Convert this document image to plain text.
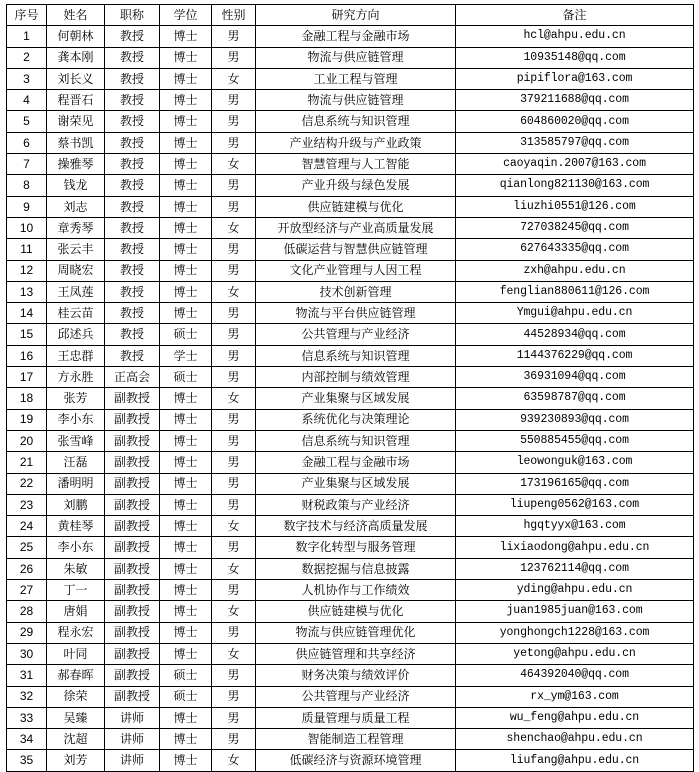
序号	姓名	职称	学位	性别	研究方向	备注
1	何朝林	教授	博士	男	金融工程与金融市场	hcl@ahpu.edu.cn
2	龚本刚	教授	博士	男	物流与供应链管理	10935148@qq.com
3	刘长义	教授	博士	女	工业工程与管理	pipiflora@163.com
4	程晋石	教授	博士	男	物流与供应链管理	379211688@qq.com
5	谢荣见	教授	博士	男	信息系统与知识管理	604860020@qq.com
6	蔡书凯	教授	博士	男	产业结构升级与产业政策	313585797@qq.com
7	操雅琴	教授	博士	女	智慧管理与人工智能	caoyaqin.2007@163.com
8	钱龙	教授	博士	男	产业升级与绿色发展	qianlong821130@163.com
9	刘志	教授	博士	男	供应链建模与优化	liuzhi0551@126.com
10	章秀琴	教授	博士	女	开放型经济与产业高质量发展	727038245@qq.com
11	张云丰	教授	博士	男	低碳运营与智慧供应链管理	627643335@qq.com
12	周晓宏	教授	博士	男	文化产业管理与人因工程	zxh@ahpu.edu.cn
13	王凤莲	教授	博士	女	技术创新管理	fenglian880611@126.com
14	桂云苗	教授	博士	男	物流与平台供应链管理	Ymgui@ahpu.edu.cn
15	邱述兵	教授	硕士	男	公共管理与产业经济	44528934@qq.com
16	王忠群	教授	学士	男	信息系统与知识管理	1144376229@qq.com
17	方永胜	正高会	硕士	男	内部控制与绩效管理	36931094@qq.com
18	张芳	副教授	博士	女	产业集聚与区域发展	63598787@qq.com
19	李小东	副教授	博士	男	系统优化与决策理论	939230893@qq.com
20	张雪峰	副教授	博士	男	信息系统与知识管理	550885455@qq.com
21	汪磊	副教授	博士	男	金融工程与金融市场	leowonguk@163.com
22	潘明明	副教授	博士	男	产业集聚与区域发展	173196165@qq.com
23	刘鹏	副教授	博士	男	财税政策与产业经济	liupeng0562@163.com
24	黄桂琴	副教授	博士	女	数字技术与经济高质量发展	hgqtyyx@163.com
25	李小东	副教授	博士	男	数字化转型与服务管理	lixiaodong@ahpu.edu.cn
26	朱敏	副教授	博士	女	数据挖掘与信息披露	123762114@qq.com
27	丁一	副教授	博士	男	人机协作与工作绩效	yding@ahpu.edu.cn
28	唐娟	副教授	博士	女	供应链建模与优化	juan1985juan@163.com
29	程永宏	副教授	博士	男	物流与供应链管理优化	yonghongch1228@163.com
30	叶同	副教授	博士	女	供应链管理和共享经济	yetong@ahpu.edu.cn
31	郝春晖	副教授	硕士	男	财务决策与绩效评价	464392040@qq.com
32	徐荣	副教授	硕士	男	公共管理与产业经济	rx_ym@163.com
33	吴臻	讲师	博士	男	质量管理与质量工程	wu_feng@ahpu.edu.cn
34	沈超	讲师	博士	男	智能制造工程管理	shenchao@ahpu.edu.cn
35	刘芳	讲师	博士	女	低碳经济与资源环境管理	liufang@ahpu.edu.cn
